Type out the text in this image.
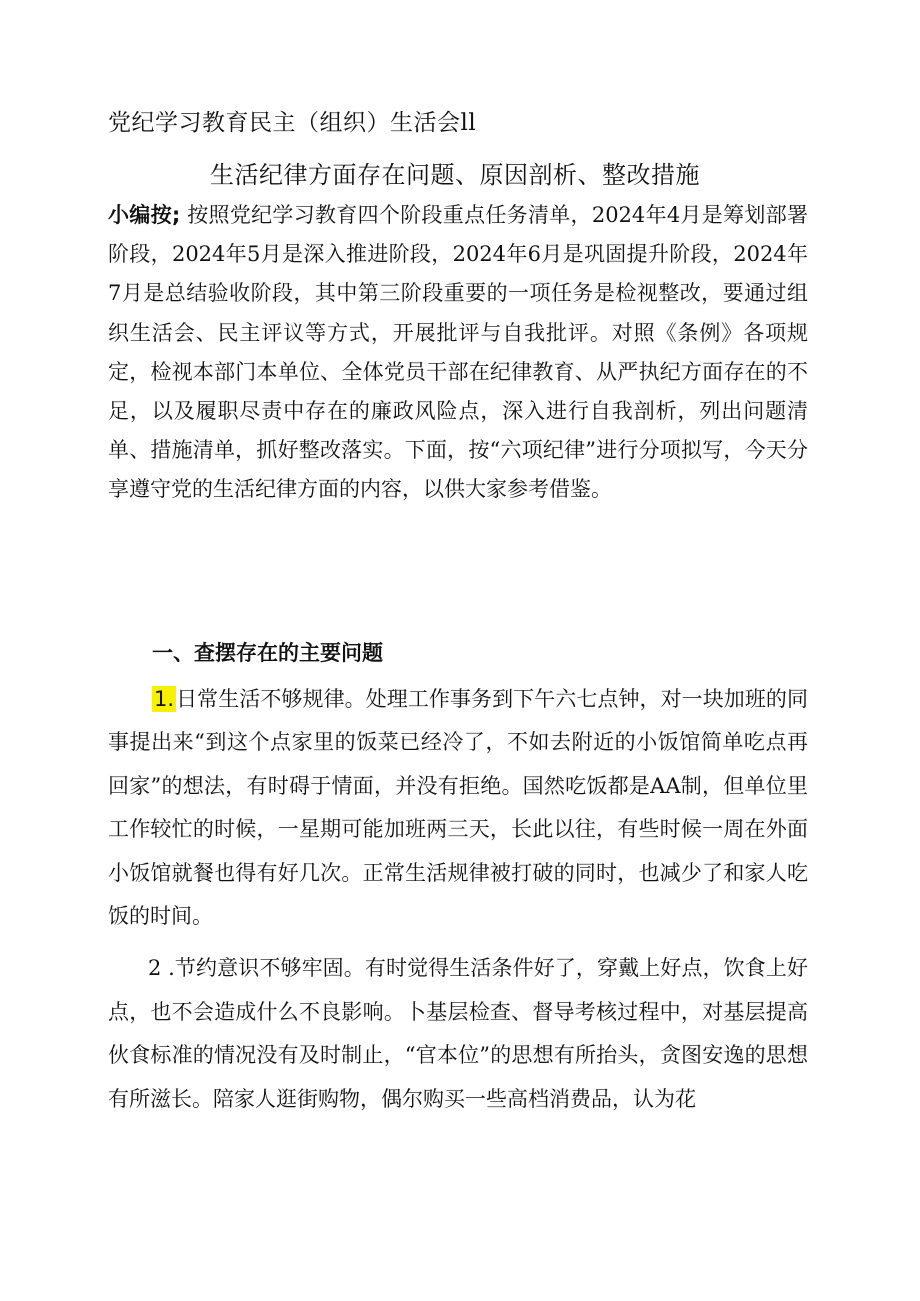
党纪学习教育民主（组织）生活会ll
生活纪律方面存在问题、原因剖析、整改措施
小编按; 按照党纪学习教育四个阶段重点任务清单，2024年4月是筹划部署阶段，2024年5月是深入推进阶段，2024年6月是巩固提升阶段，2024年7月是总结验收阶段，其中第三阶段重要的一项任务是检视整改，要通过组织生活会、民主评议等方式，开展批评与自我批评。对照《条例》各项规定，检视本部门本单位、全体党员干部在纪律教育、从严执纪方面存在的不足，以及履职尽责中存在的廉政风险点，深入进行自我剖析，列出问题清单、措施清单，抓好整改落实。下面，按“六项纪律”进行分项拟写，今天分享遵守党的生活纪律方面的内容，以供大家参考借鉴。
一、查摆存在的主要问题
1.日常生活不够规律。处理工作事务到下午六七点钟，对一块加班的同事提出来“到这个点家里的饭菜已经冷了，不如去附近的小饭馆简单吃点再回家”的想法，有时碍于情面，并没有拒绝。国然吃饭都是AA制，但单位里工作较忙的时候，一星期可能加班两三天，长此以往，有些时候一周在外面小饭馆就餐也得有好几次。正常生活规律被打破的同时，也减少了和家人吃饭的时间。
2 .节约意识不够牢固。有时觉得生活条件好了，穿戴上好点，饮食上好点，也不会造成什么不良影响。卜基层检查、督导考核过程中，对基层提高伙食标准的情况没有及时制止，“官本位”的思想有所抬头，贪图安逸的思想有所滋长。陪家人逛街购物，偶尔购买一些高档消费品，认为花
